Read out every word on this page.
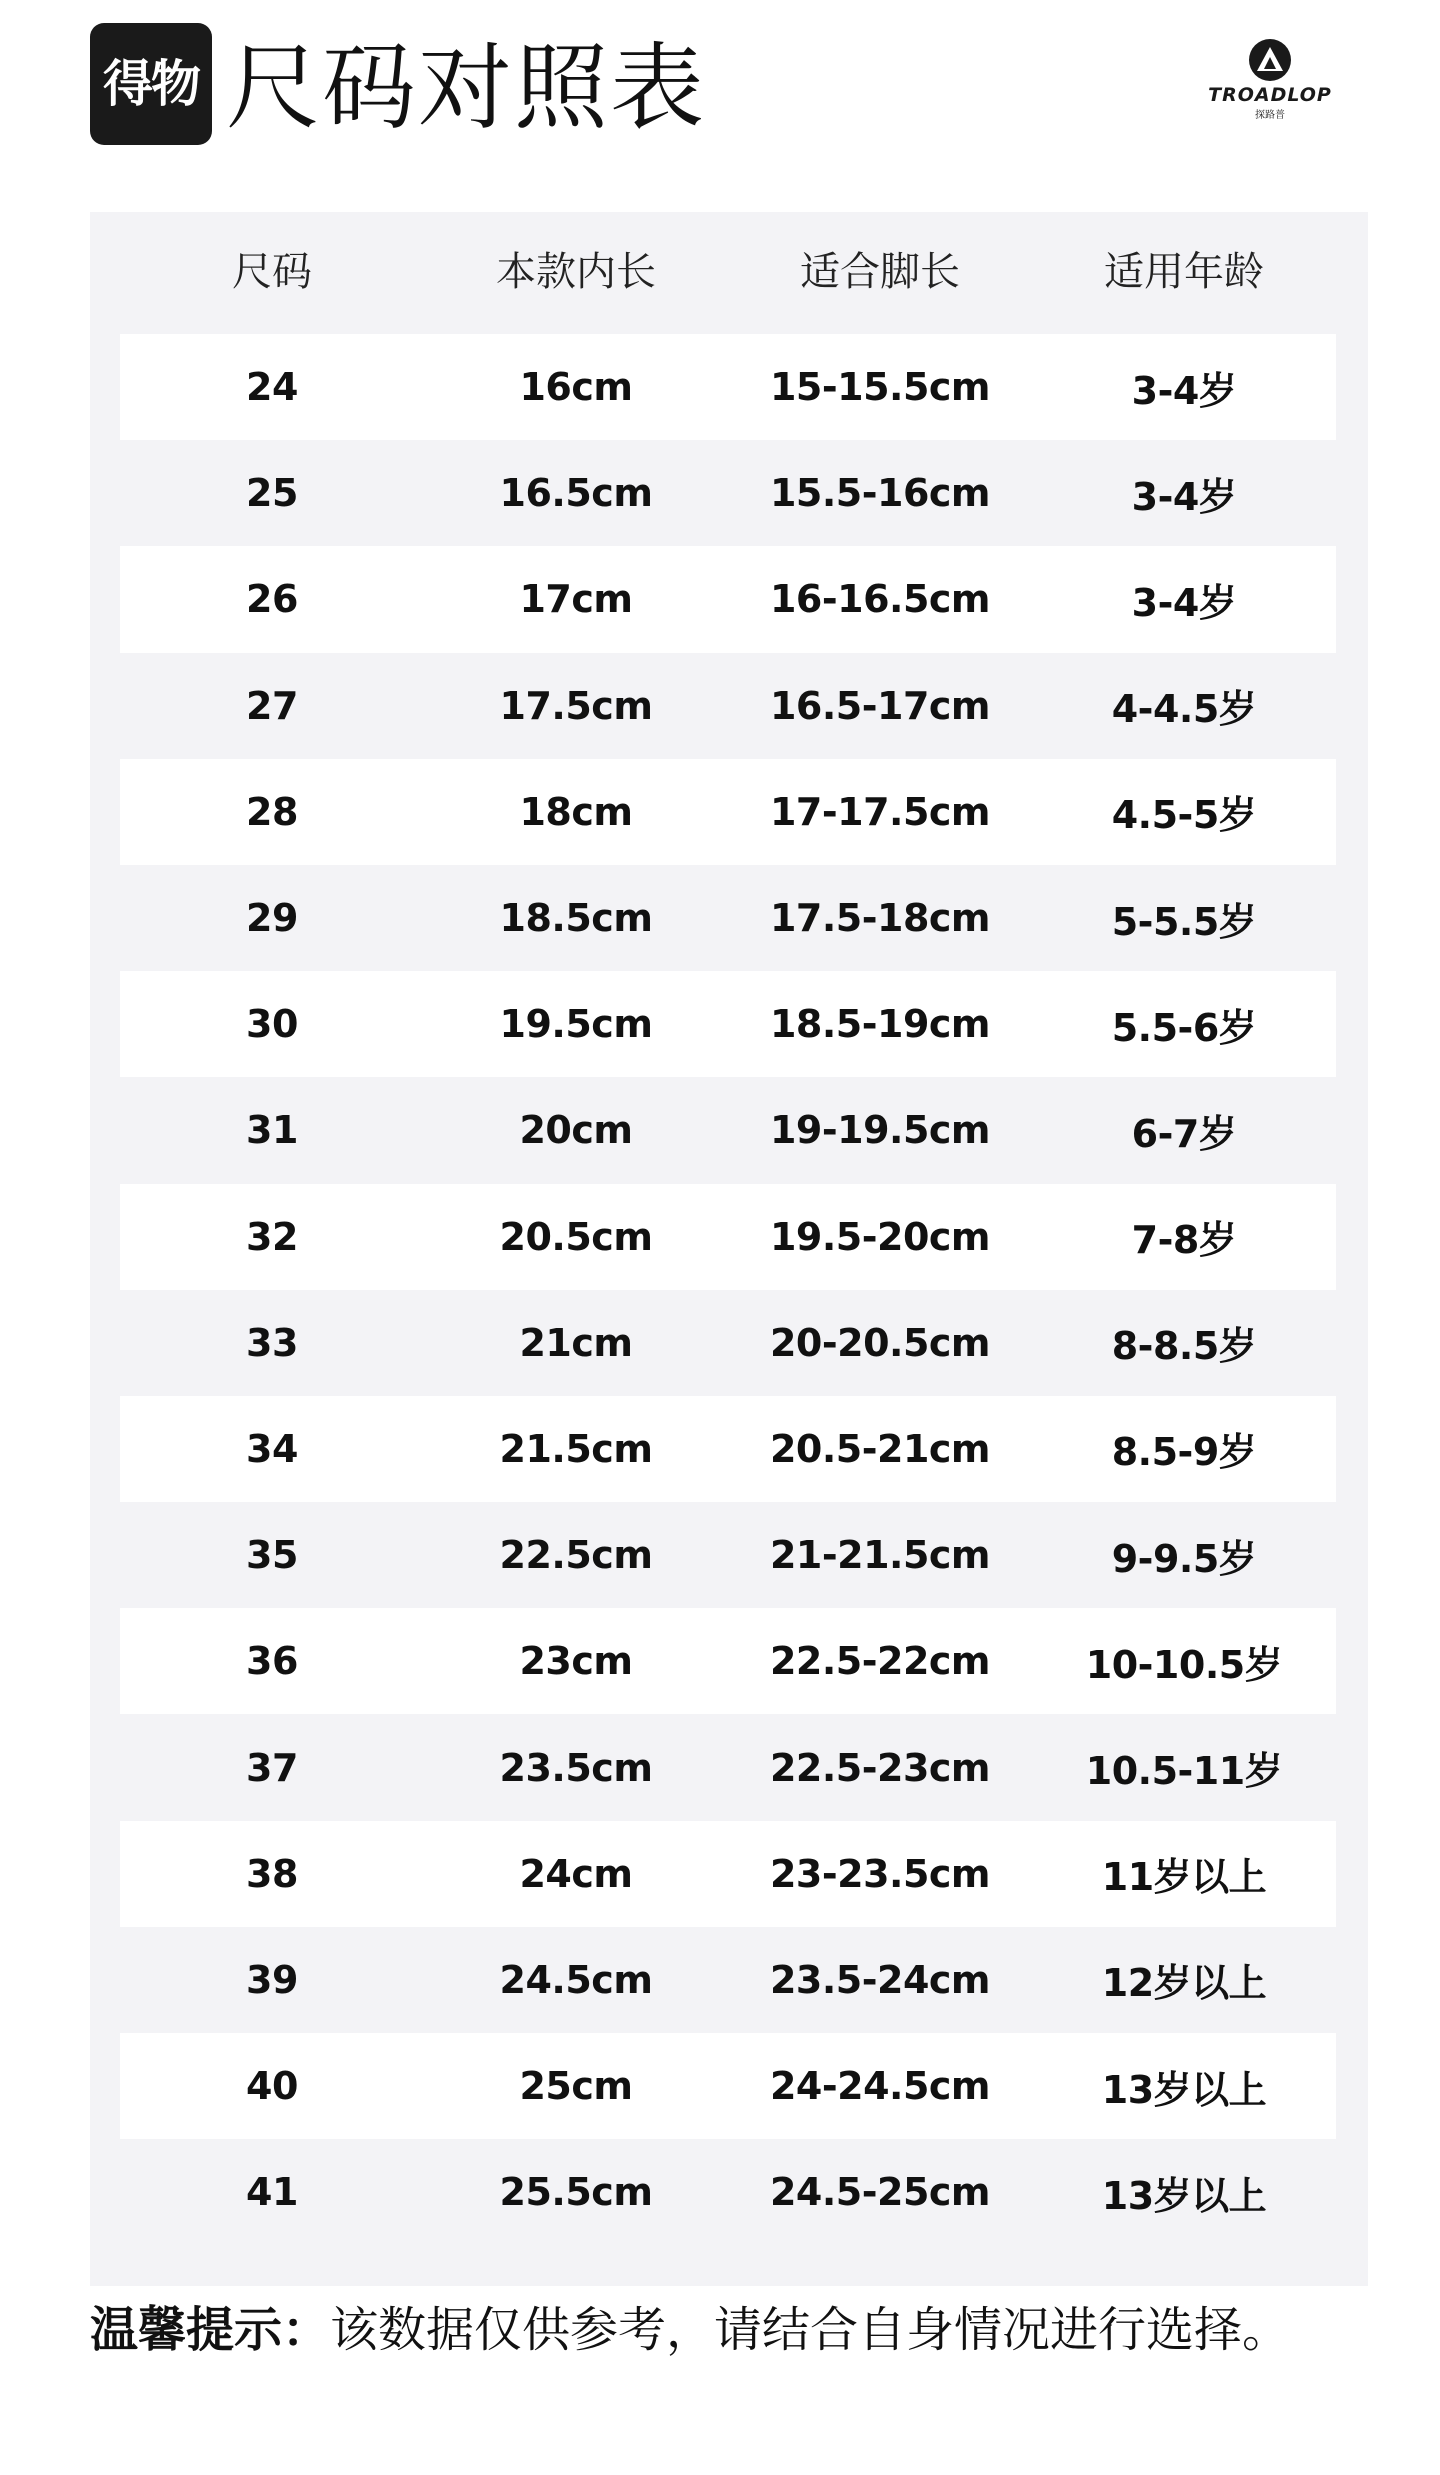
得物 尺码对照表	TROADLOP
探路普
尺码	本款内长	适合脚长	适用年龄
24	16cm	15-15.5cm	3-4岁
25	16.5cm	15.5-16cm	3-4岁
26	17cm	16-16.5cm	3-4岁
27	17.5cm	16.5-17cm	4-4.5岁
28	18cm	17-17.5cm	4.5-5岁
29	18.5cm	17.5-18cm	5-5.5岁
30	19.5cm	18.5-19cm	5.5-6岁
31	20cm	19-19.5cm	6-7岁
32	20.5cm	19.5-20cm	7-8岁
33	21cm	20-20.5cm	8-8.5岁
34	21.5cm	20.5-21cm	8.5-9岁
35	22.5cm	21-21.5cm	9-9.5岁
36	23cm	22.5-22cm	10-10.5岁
37	23.5cm	22.5-23cm	10.5-11岁
38	24cm	23-23.5cm	11岁以上
39	24.5cm	23.5-24cm	12岁以上
40	25cm	24-24.5cm	13岁以上
41	25.5cm	24.5-25cm	13岁以上
温馨提示：该数据仅供参考，请结合自身情况进行选择。
